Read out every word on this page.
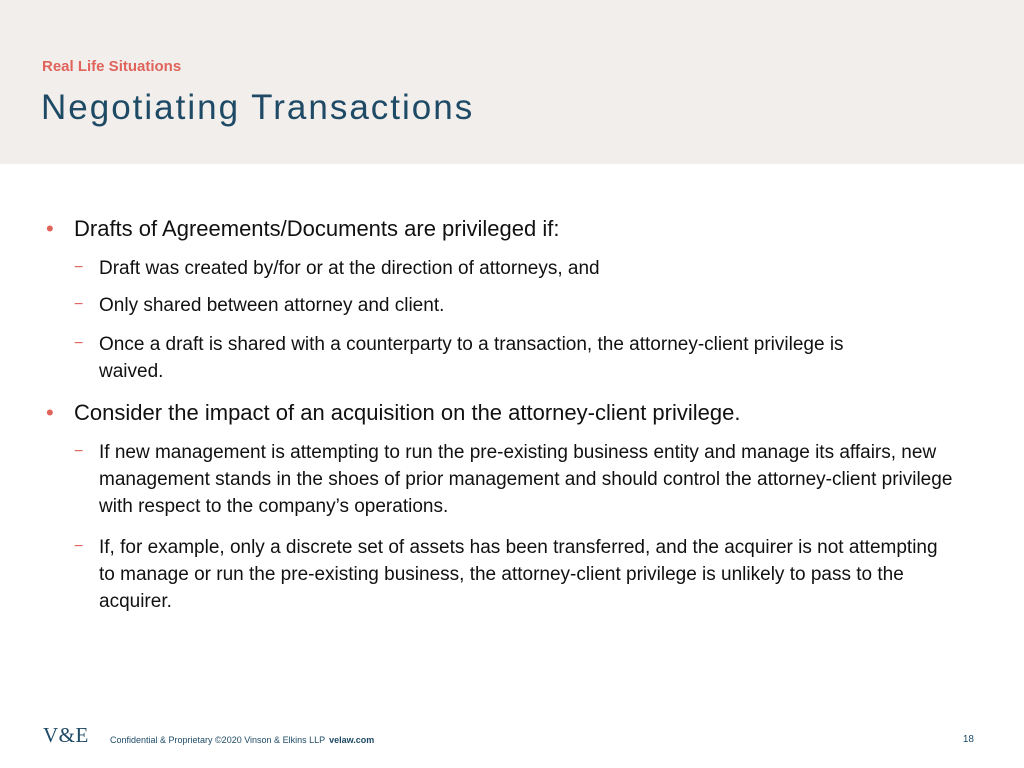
Real Life Situations
Negotiating Transactions
• Drafts of Agreements/Documents are privileged if:
− Draft was created by/for or at the direction of attorneys, and
− Only shared between attorney and client.
− Once a draft is shared with a counterparty to a transaction, the attorney-client privilege is waived.
• Consider the impact of an acquisition on the attorney-client privilege.
− If new management is attempting to run the pre-existing business entity and manage its affairs, new management stands in the shoes of prior management and should control the attorney-client privilege with respect to the company’s operations.
− If, for example, only a discrete set of assets has been transferred, and the acquirer is not attempting to manage or run the pre-existing business, the attorney-client privilege is unlikely to pass to the acquirer.
V&E Confidential & Proprietary ©2020 Vinson & Elkins LLP velaw.com	18
